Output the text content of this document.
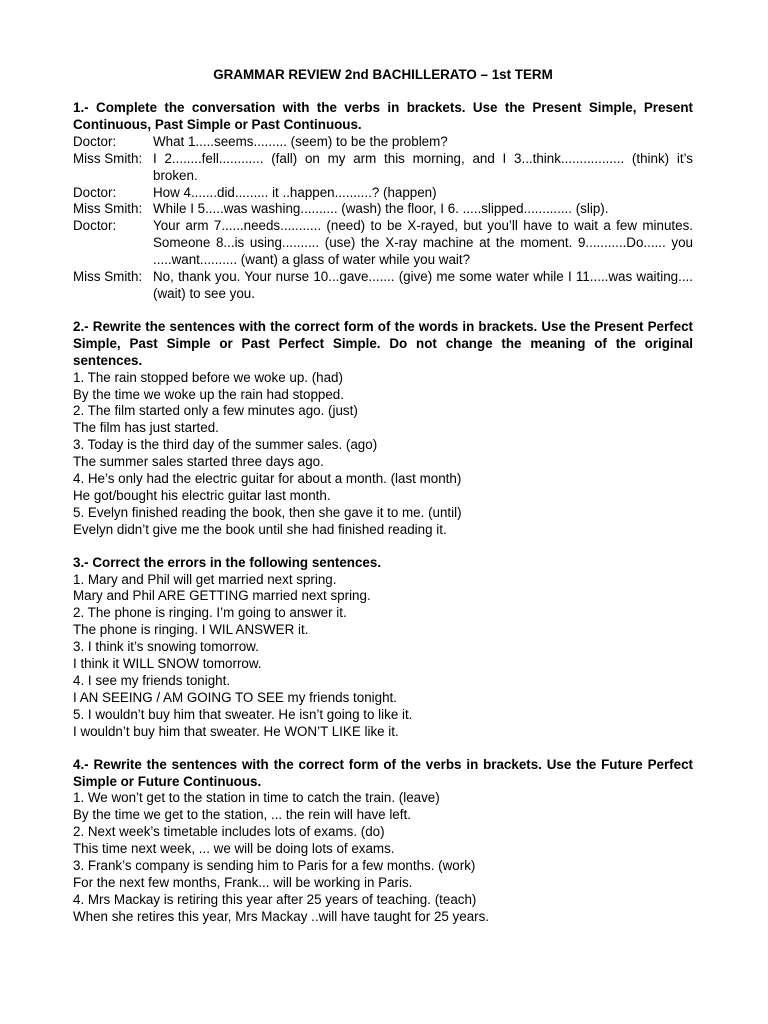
GRAMMAR REVIEW 2nd BACHILLERATO – 1st TERM
1.- Complete the conversation with the verbs in brackets. Use the Present Simple, Present Continuous, Past Simple or Past Continuous.
Doctor:	What 1.....seems......... (seem) to be the problem?
Miss Smith: I 2........fell............ (fall) on my arm this morning, and I 3...think................. (think) it’s broken.
Doctor:	How 4.......did......... it ..happen..........? (happen)
Miss Smith: While I 5.....was washing.......... (wash) the floor, I 6. .....slipped............. (slip).
Doctor:	Your arm 7......needs........... (need) to be X-rayed, but you’ll have to wait a few minutes. Someone 8...is using.......... (use) the X-ray machine at the moment. 9...........Do...... you .....want.......... (want) a glass of water while you wait?
Miss Smith: No, thank you. Your nurse 10...gave....... (give) me some water while I 11.....was waiting.... (wait) to see you.
2.- Rewrite the sentences with the correct form of the words in brackets. Use the Present Perfect Simple, Past Simple or Past Perfect Simple. Do not change the meaning of the original sentences.
1. The rain stopped before we woke up. (had)
By the time we woke up the rain had stopped.
2. The film started only a few minutes ago. (just)
The film has just started.
3. Today is the third day of the summer sales. (ago)
The summer sales started three days ago.
4. He’s only had the electric guitar for about a month. (last month)
He got/bought his electric guitar last month.
5. Evelyn finished reading the book, then she gave it to me. (until)
Evelyn didn’t give me the book until she had finished reading it.
3.- Correct the errors in the following sentences.
1. Mary and Phil will get married next spring.
Mary and Phil ARE GETTING married next spring.
2. The phone is ringing. I’m going to answer it.
The phone is ringing. I WIL ANSWER it.
3. I think it’s snowing tomorrow.
I think it WILL SNOW tomorrow.
4. I see my friends tonight.
I AN SEEING / AM GOING TO SEE my friends tonight.
5. I wouldn’t buy him that sweater. He isn’t going to like it.
I wouldn’t buy him that sweater. He WON’T LIKE like it.
4.- Rewrite the sentences with the correct form of the verbs in brackets. Use the Future Perfect Simple or Future Continuous.
1. We won’t get to the station in time to catch the train. (leave)
By the time we get to the station, ... the rein will have left.
2. Next week’s timetable includes lots of exams. (do)
This time next week, ... we will be doing lots of exams.
3. Frank’s company is sending him to Paris for a few months. (work)
For the next few months, Frank... will be working in Paris.
4. Mrs Mackay is retiring this year after 25 years of teaching. (teach)
When she retires this year, Mrs Mackay ..will have taught for 25 years.
